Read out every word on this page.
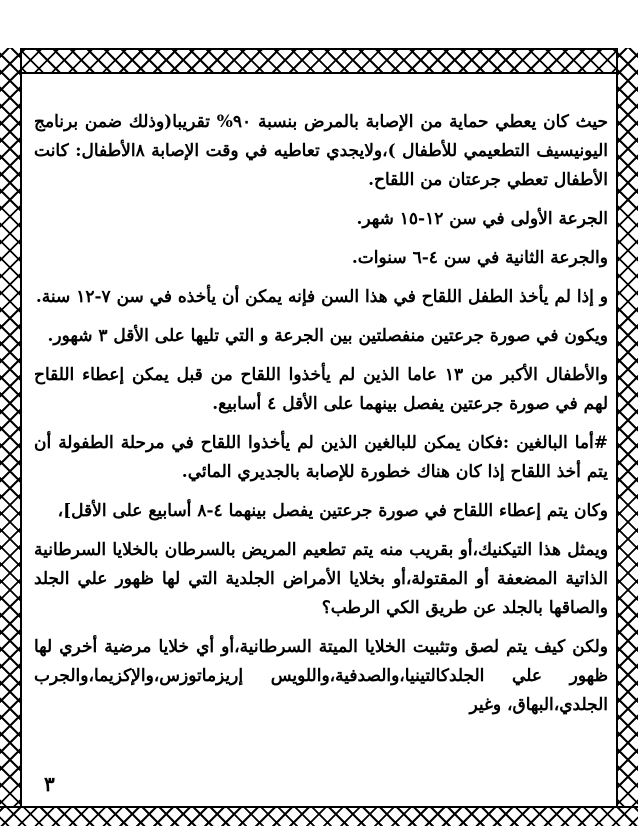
حيث كان يعطي حماية من الإصابة بالمرض بنسبة ٩٠% تقريبا(وذلك ضمن برنامج اليونيسيف التطعيمي للأطفال )،ولايجدي تعاطيه في وقت الإصابة ٨الأطفال: كانت الأطفال تعطي جرعتان من اللقاح.

الجرعة الأولى في سن ١٢-١٥ شهر.

والجرعة الثانية في سن ٤-٦ سنوات.

و إذا لم يأخذ الطفل اللقاح في هذا السن فإنه يمكن أن يأخذه في سن ٧-١٢ سنة.

ويكون في صورة جرعتين منفصلتين بين الجرعة و التي تليها على الأقل ٣ شهور.

والأطفال الأكبر من ١٣ عاما الذين لم يأخذوا اللقاح من قبل يمكن إعطاء اللقاح لهم في صورة جرعتين يفصل بينهما على الأقل ٤ أسابيع.

#أما البالغين :فكان يمكن للبالغين الذين لم يأخذوا اللقاح في مرحلة الطفولة أن يتم أخذ اللقاح إذا كان هناك خطورة للإصابة بالجديري المائي.

وكان يتم إعطاء اللقاح في صورة جرعتين يفصل بينهما ٤-٨ أسابيع على الأقل]،

ويمثل هذا التيكنيك،أو بقريب منه يتم تطعيم المريض بالسرطان بالخلايا السرطانية الذاتية المضعفة أو المقتولة،أو بخلايا الأمراض الجلدية التي لها ظهور علي الجلد والصاقها بالجلد عن طريق الكي الرطب؟

ولكن كيف يتم لصق وتثبيت الخلايا الميتة السرطانية،أو أي خلايا مرضية أخري لها ظهور علي الجلدكالتينيا،والصدفية،واللويس إريزماتوزس،والإكزيما،والجرب الجلدي،البهاق، وغير

٣
